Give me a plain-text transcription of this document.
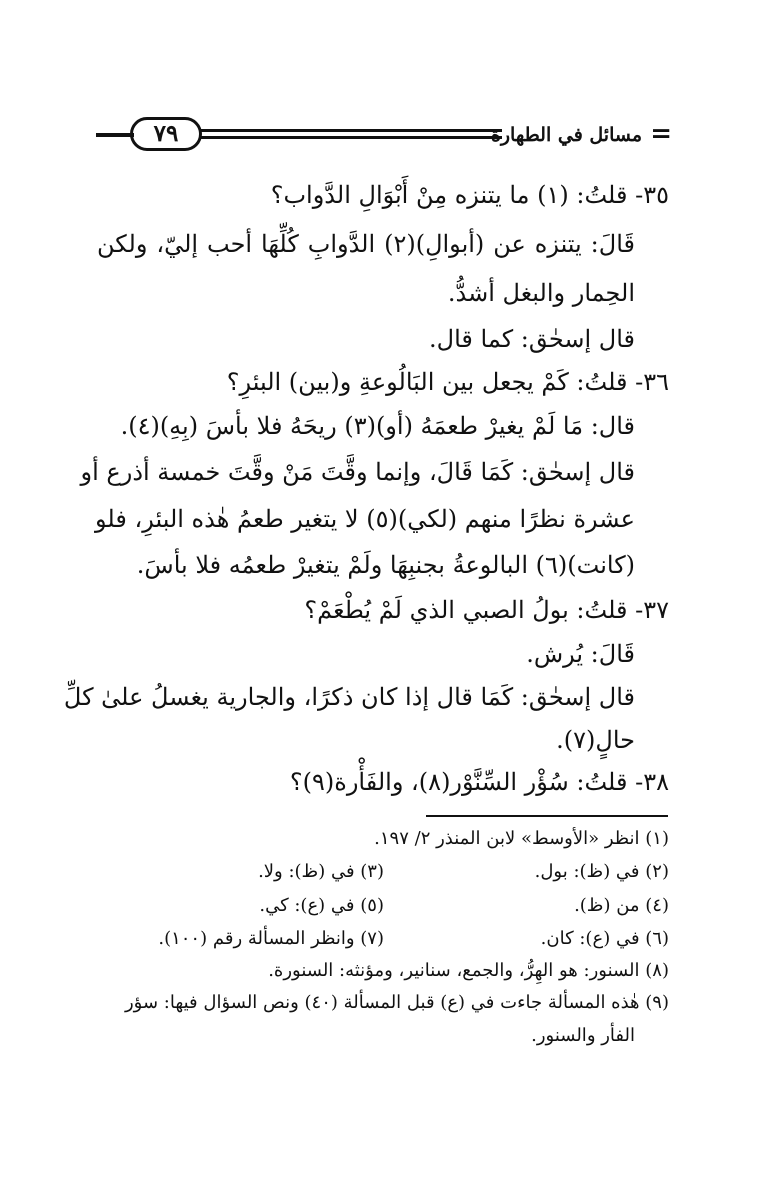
=
مسائل في الطهارة
٧٩
٣٥- قلتُ: (١) ما يتنزه مِنْ أَبْوَالِ الدَّواب؟
قَالَ: يتنزه عن (أبوالِ)(٢) الدَّوابِ كُلِّهَا أحب إليّ، ولكن
الحِمار والبغل أشدُّ.
قال إسحٰق: كما قال.
٣٦- قلتُ: كَمْ يجعل بين البَالُوعةِ و(بين) البئرِ؟
قال: مَا لَمْ يغيرْ طعمَهُ (أو)(٣) ريحَهُ فلا بأسَ (بِهِ)(٤).
قال إسحٰق: كَمَا قَالَ، وإنما وقَّتَ مَنْ وقَّتَ خمسة أذرع أو
عشرة نظرًا منهم (لكي)(٥) لا يتغير طعمُ هٰذه البئرِ، فلو
(كانت)(٦) البالوعةُ بجنبِهَا ولَمْ يتغيرْ طعمُه فلا بأسَ.
٣٧- قلتُ: بولُ الصبي الذي لَمْ يُطْعَمْ؟
قَالَ: يُرش.
قال إسحٰق: كَمَا قال إذا كان ذكرًا، والجارية يغسلُ علىٰ كلِّ
حالٍ(٧).
٣٨- قلتُ: سُؤْر السِّنَّوْر(٨)، والفَأْرة(٩)؟
(١) انظر «الأوسط» لابن المنذر ٢/ ١٩٧.
(٢) في (ظ): بول.
(٣) في (ظ): ولا.
(٤) من (ظ).
(٥) في (ع): كي.
(٦) في (ع): كان.
(٧) وانظر المسألة رقم (١٠٠).
(٨) السنور: هو الهِرُّ، والجمع، سنانير، ومؤنثه: السنورة.
(٩) هٰذه المسألة جاءت في (ع) قبل المسألة (٤٠) ونص السؤال فيها: سؤر
الفأر والسنور.
